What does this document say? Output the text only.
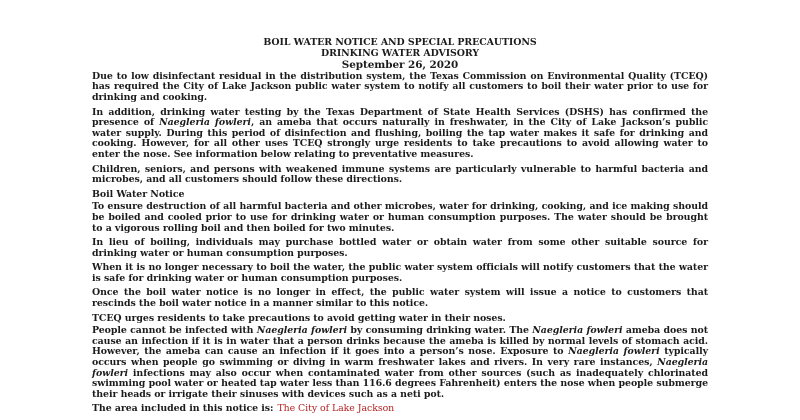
BOIL WATER NOTICE AND SPECIAL PRECAUTIONS
DRINKING WATER ADVISORY
September 26, 2020

Due to low disinfectant residual in the distribution system, the Texas Commission on Environmental Quality (TCEQ) has required the City of Lake Jackson public water system to notify all customers to boil their water prior to use for drinking and cooking.

In addition, drinking water testing by the Texas Department of State Health Services (DSHS) has confirmed the presence of Naegleria fowleri, an ameba that occurs naturally in freshwater, in the City of Lake Jackson’s public water supply. During this period of disinfection and flushing, boiling the tap water makes it safe for drinking and cooking. However, for all other uses TCEQ strongly urge residents to take precautions to avoid allowing water to enter the nose. See information below relating to preventative measures.

Children, seniors, and persons with weakened immune systems are particularly vulnerable to harmful bacteria and microbes, and all customers should follow these directions.

Boil Water Notice

To ensure destruction of all harmful bacteria and other microbes, water for drinking, cooking, and ice making should be boiled and cooled prior to use for drinking water or human consumption purposes. The water should be brought to a vigorous rolling boil and then boiled for two minutes.

In lieu of boiling, individuals may purchase bottled water or obtain water from some other suitable source for drinking water or human consumption purposes.

When it is no longer necessary to boil the water, the public water system officials will notify customers that the water is safe for drinking water or human consumption purposes.

Once the boil water notice is no longer in effect, the public water system will issue a notice to customers that rescinds the boil water notice in a manner similar to this notice.

TCEQ urges residents to take precautions to avoid getting water in their noses.

People cannot be infected with Naegleria fowleri by consuming drinking water. The Naegleria fowleri ameba does not cause an infection if it is in water that a person drinks because the ameba is killed by normal levels of stomach acid. However, the ameba can cause an infection if it goes into a person’s nose. Exposure to Naegleria fowleri typically occurs when people go swimming or diving in warm freshwater lakes and rivers. In very rare instances, Naegleria fowleri infections may also occur when contaminated water from other sources (such as inadequately chlorinated swimming pool water or heated tap water less than 116.6 degrees Fahrenheit) enters the nose when people submerge their heads or irrigate their sinuses with devices such as a neti pot.

The area included in this notice is: The City of Lake Jackson
